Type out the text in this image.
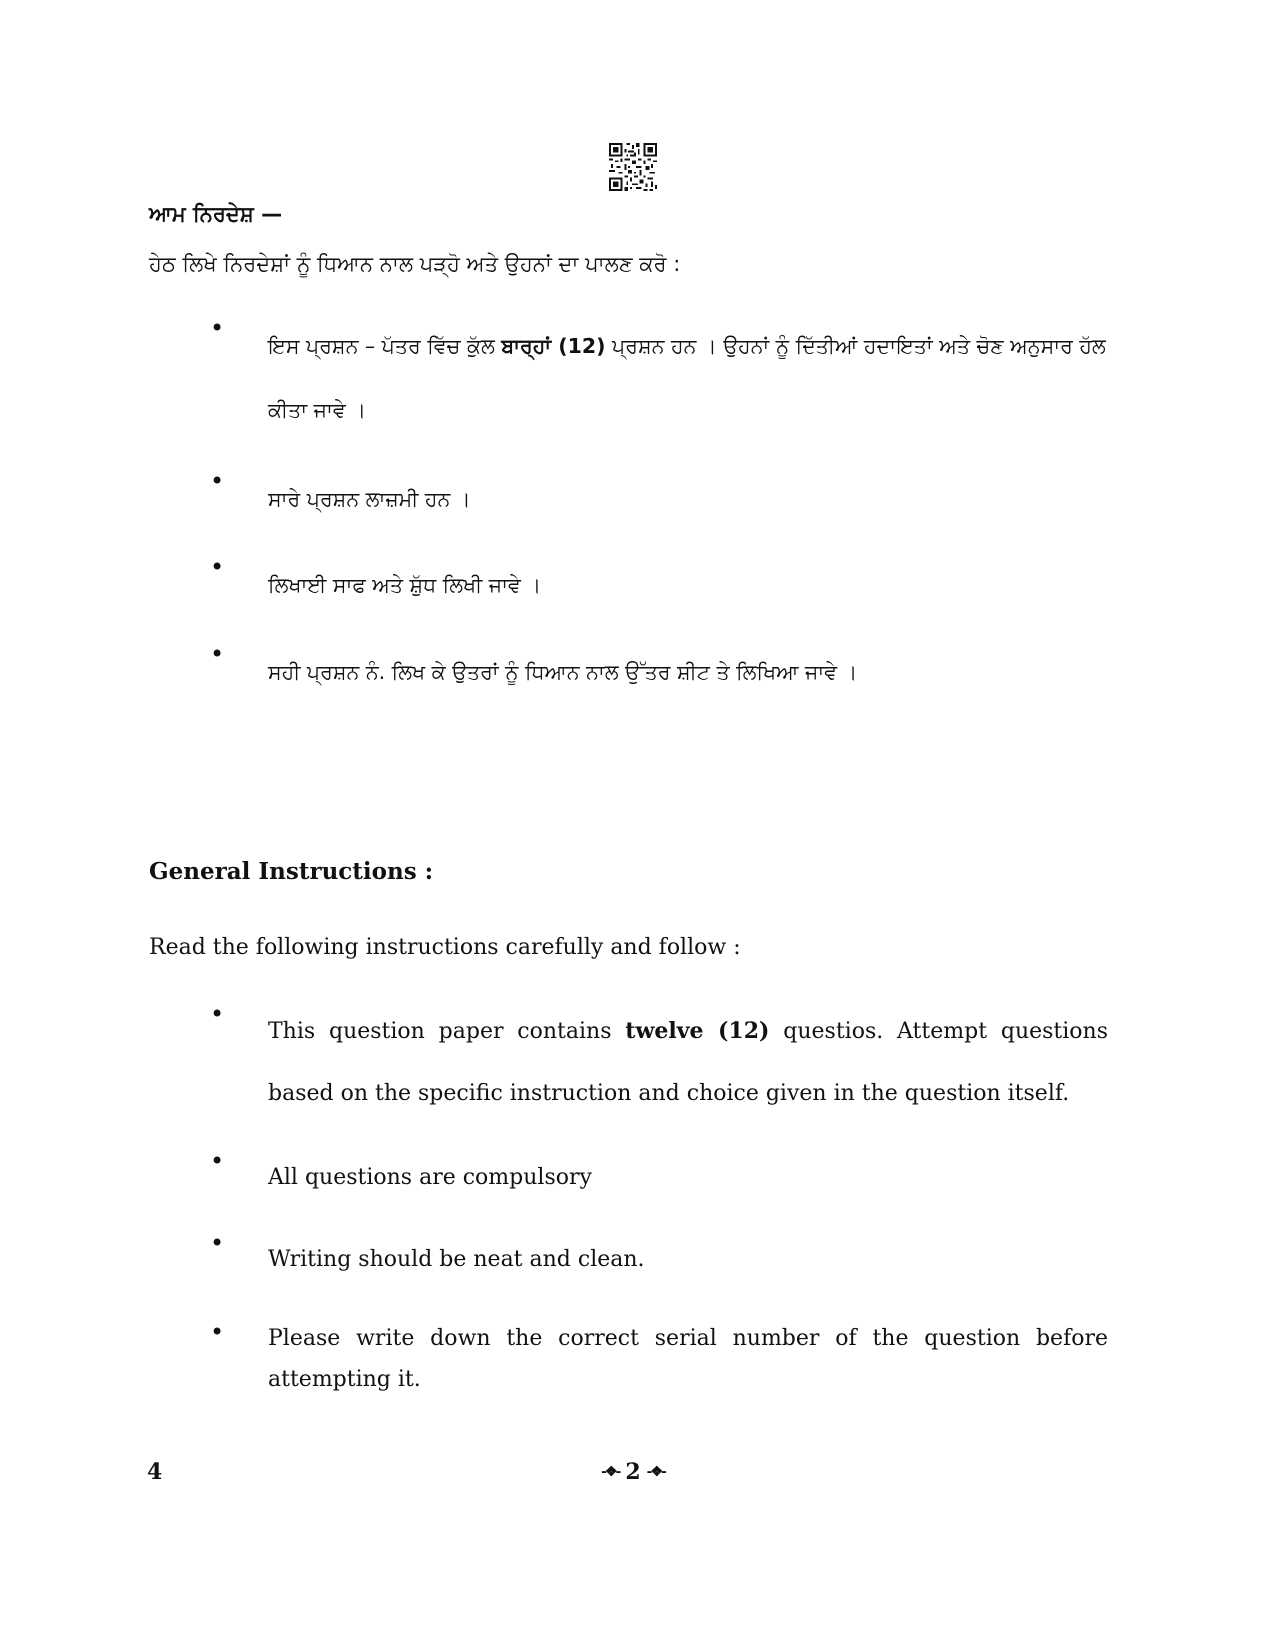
ਆਮ ਨਿਰਦੇਸ਼ —

ਹੇਠ ਲਿਖੇ ਨਿਰਦੇਸ਼ਾਂ ਨੂੰ ਧਿਆਨ ਨਾਲ ਪੜ੍ਹੋ ਅਤੇ ਉਹਨਾਂ ਦਾ ਪਾਲਣ ਕਰੋ :

•
ਇਸ ਪ੍ਰਸ਼ਨ – ਪੱਤਰ ਵਿੱਚ ਕੁੱਲ ਬਾਰ੍ਹਾਂ (12) ਪ੍ਰਸ਼ਨ ਹਨ । ਉਹਨਾਂ ਨੂੰ ਦਿੱਤੀਆਂ ਹਦਾਇਤਾਂ ਅਤੇ ਚੋਣ ਅਨੁਸਾਰ ਹੱਲ ਕੀਤਾ ਜਾਵੇ ।
•
ਸਾਰੇ ਪ੍ਰਸ਼ਨ ਲਾਜ਼ਮੀ ਹਨ ।
•
ਲਿਖਾਈ ਸਾਫ ਅਤੇ ਸ਼ੁੱਧ ਲਿਖੀ ਜਾਵੇ ।
•
ਸਹੀ ਪ੍ਰਸ਼ਨ ਨੰ. ਲਿਖ ਕੇ ਉਤਰਾਂ ਨੂੰ ਧਿਆਨ ਨਾਲ ਉੱਤਰ ਸ਼ੀਟ ਤੇ ਲਿਖਿਆ ਜਾਵੇ ।
General Instructions :

Read the following instructions carefully and follow :

•
This question paper contains twelve (12) questios. Attempt questions based on the specific instruction and choice given in the question itself.
•
All questions are compulsory
•
Writing should be neat and clean.
•	Please write down the correct serial number of the question before attempting it.
4	-❖- 2 -❖-
